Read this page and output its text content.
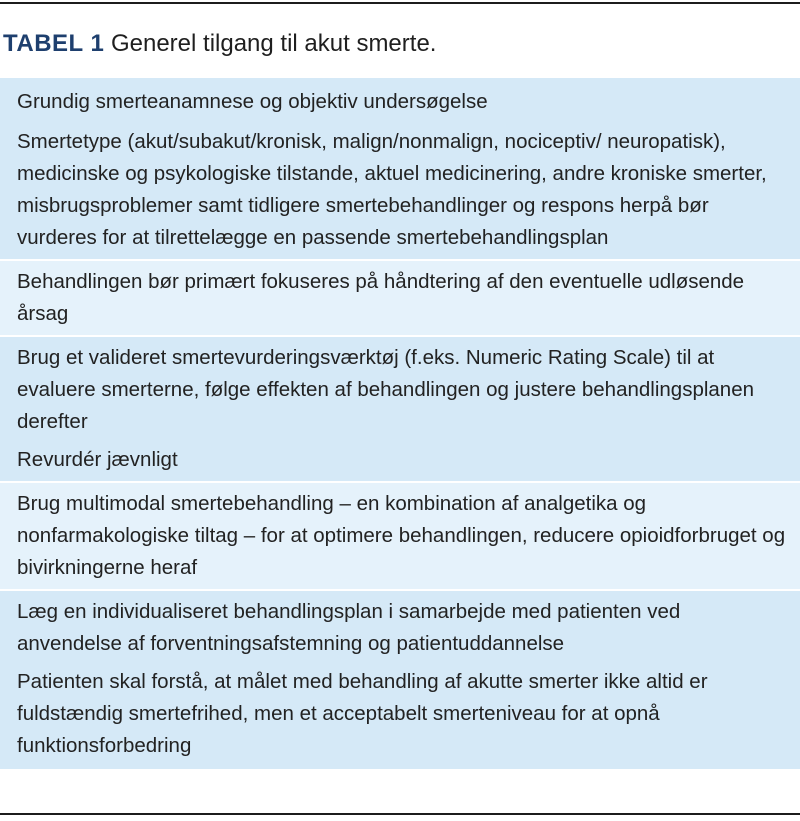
TABEL 1 Generel tilgang til akut smerte.
Grundig smerteanamnese og objektiv undersøgelse
Smertetype (akut/subakut/kronisk, malign/nonmalign, nociceptiv/ neuropatisk), medicinske og psykologiske tilstande, aktuel medicinering, andre kroniske smerter, misbrugsproblemer samt tidligere smertebehandlinger og respons herpå bør vurderes for at tilrettelægge en passende smertebehandlingsplan
Behandlingen bør primært fokuseres på håndtering af den eventuelle udløsende årsag
Brug et valideret smertevurderingsværktøj (f.eks. Numeric Rating Scale) til at evaluere smerterne, følge effekten af behandlingen og justere behandlingsplanen derefter
Revurdér jævnligt
Brug multimodal smertebehandling – en kombination af analgetika og nonfarmakologiske tiltag – for at optimere behandlingen, reducere opioidforbruget og bivirkningerne heraf
Læg en individualiseret behandlingsplan i samarbejde med patienten ved anvendelse af forventningsafstemning og patientuddannelse
Patienten skal forstå, at målet med behandling af akutte smerter ikke altid er fuldstændig smertefrihed, men et acceptabelt smerteniveau for at opnå funktionsforbedring
